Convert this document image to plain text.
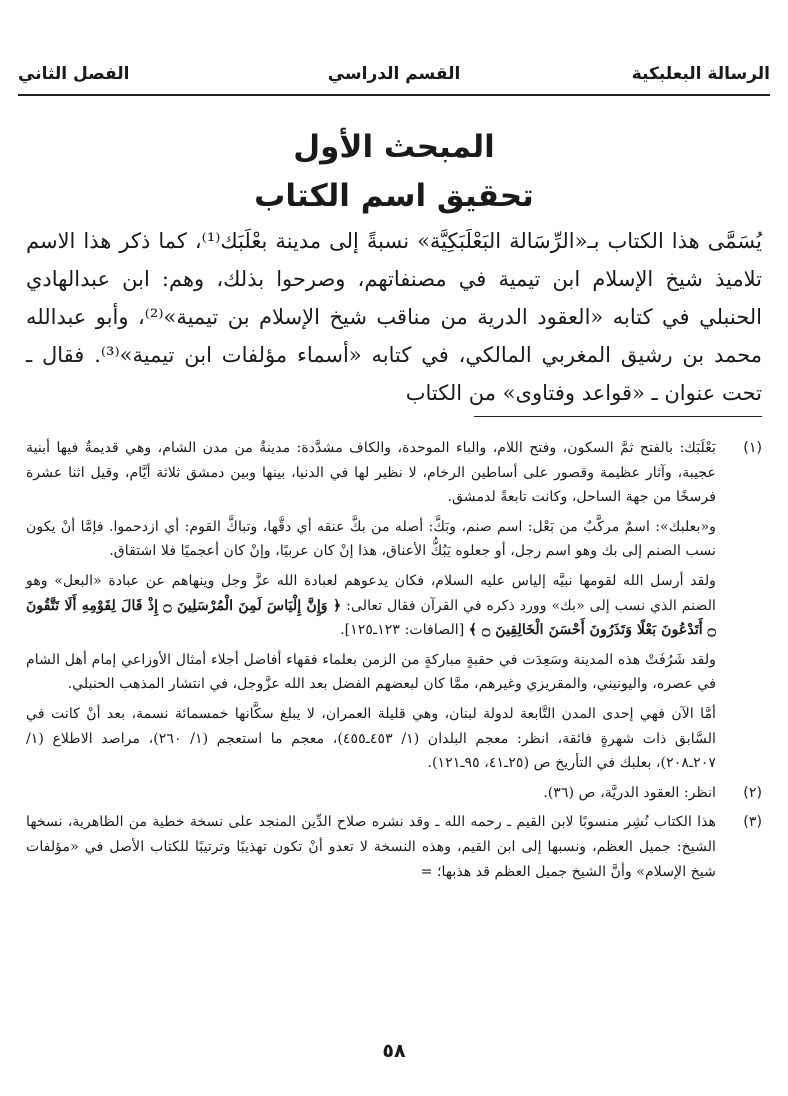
الرسالة البعلبكية
القسم الدراسي
الفصل الثاني
المبحث الأول
تحقيق اسم الكتاب

يُسَمَّى هذا الكتاب بـ«الرِّسَالة البَعْلَبَكِيَّة» نسبةً إلى مدينة بعْلَبَك⁽¹⁾، كما ذكر هذا الاسم تلاميذ شيخ الإسلام ابن تيمية في مصنفاتهم، وصرحوا بذلك، وهم: ابن عبدالهادي الحنبلي في كتابه «العقود الدرية من مناقب شيخ الإسلام بن تيمية»⁽²⁾، وأبو عبدالله محمد بن رشيق المغربي المالكي، في كتابه «أسماء مؤلفات ابن تيمية»⁽³⁾. فقال ـ تحت عنوان ـ «قواعد وفتاوى» من الكتاب

(١)

بَعْلَبَك: بالفتح ثمَّ السكون، وفتح اللام، والباء الموحدة، والكاف مشدَّدة: مدينةٌ من مدن الشام، وهي قديمةٌ فيها أبنية عجيبة، وآثار عظيمة وقصور على أساطين الرخام، لا نظير لها في الدنيا، بينها وبين دمشق ثلاثة أيَّام، وقيل اثنا عشرة فرسخًا من جهة الساحل، وكانت تابعةً لدمشق.

و«بعلبك»: اسمٌ مركَّبٌ من بَعْل: اسم صنم، وبَكَّ: أصله من بكَّ عنقه أي دقَّها، وتباكَّ القوم: أي ازدحموا. فإمَّا أنْ يكون نسب الصنم إلى بك وهو اسم رجل، أو جعلوه يَبُكُّ الأعناق، هذا إنْ كان عربيًا، وإنْ كان أعجميًا فلا اشتقاق.

ولقد أرسل الله لقومها نبيَّه إلياس عليه السلام، فكان يدعوهم لعبادة الله عزَّ وجل وينهاهم عن عبادة «البعل» وهو الصنم الذي نسب إلى «بك» وورد ذكره في القرآن فقال تعالى: ﴿ وَإِنَّ إِلْيَاسَ لَمِنَ الْمُرْسَلِينَ ۝ إِذْ قَالَ لِقَوْمِهِ أَلَا تَتَّقُونَ ۝ أَتَدْعُونَ بَعْلًا وَتَذَرُونَ أَحْسَنَ الْخَالِقِينَ ۝ ﴾ [الصافات: ١٢٣ـ١٢٥].

ولقد شَرُفَتْ هذه المدينة وسَعِدَت في حقبةٍ مباركةٍ من الزمن بعلماء فقهاء أفاضل أجلاء أمثال الأوزاعي إمام أهل الشام في عصره، واليونيني، والمقريزي وغيرهم، ممَّا كان لبعضهم الفضل بعد الله عزَّوجل، في انتشار المذهب الحنبلي.

أمَّا الآن فهي إحدى المدن التَّابعة لدولة لبنان، وهي قليلة العمران، لا يبلغ سكَّانها خمسمائة نسمة، بعد أنْ كانت في السَّابق ذات شهرةٍ فائقة، انظر: معجم البلدان (١/ ٤٥٣ـ٤٥٥)، معجم ما استعجم (١/ ٢٦٠)، مراصد الاطلاع (١/ ٢٠٧ـ٢٠٨)، بعلبك في التأريخ ص (٢٥ـ٤١، ٩٥ـ١٢١).

(٢)

انظر: العقود الدريَّة، ص (٣٦).

(٣)

هذا الكتاب نُشِر منسوبًا لابن القيم ـ رحمه الله ـ وقد نشره صلاح الدِّين المنجد على نسخة خطية من الظاهرية، نسخها الشيخ: جميل العظم، ونسبها إلى ابن القيم، وهذه النسخة لا تعدو أنْ تكون تهذيبًا وترتيبًا للكتاب الأصل في «مؤلفات شيخ الإسلام» وأنَّ الشيخ جميل العظم قد هذبها؛ =

٥٨
